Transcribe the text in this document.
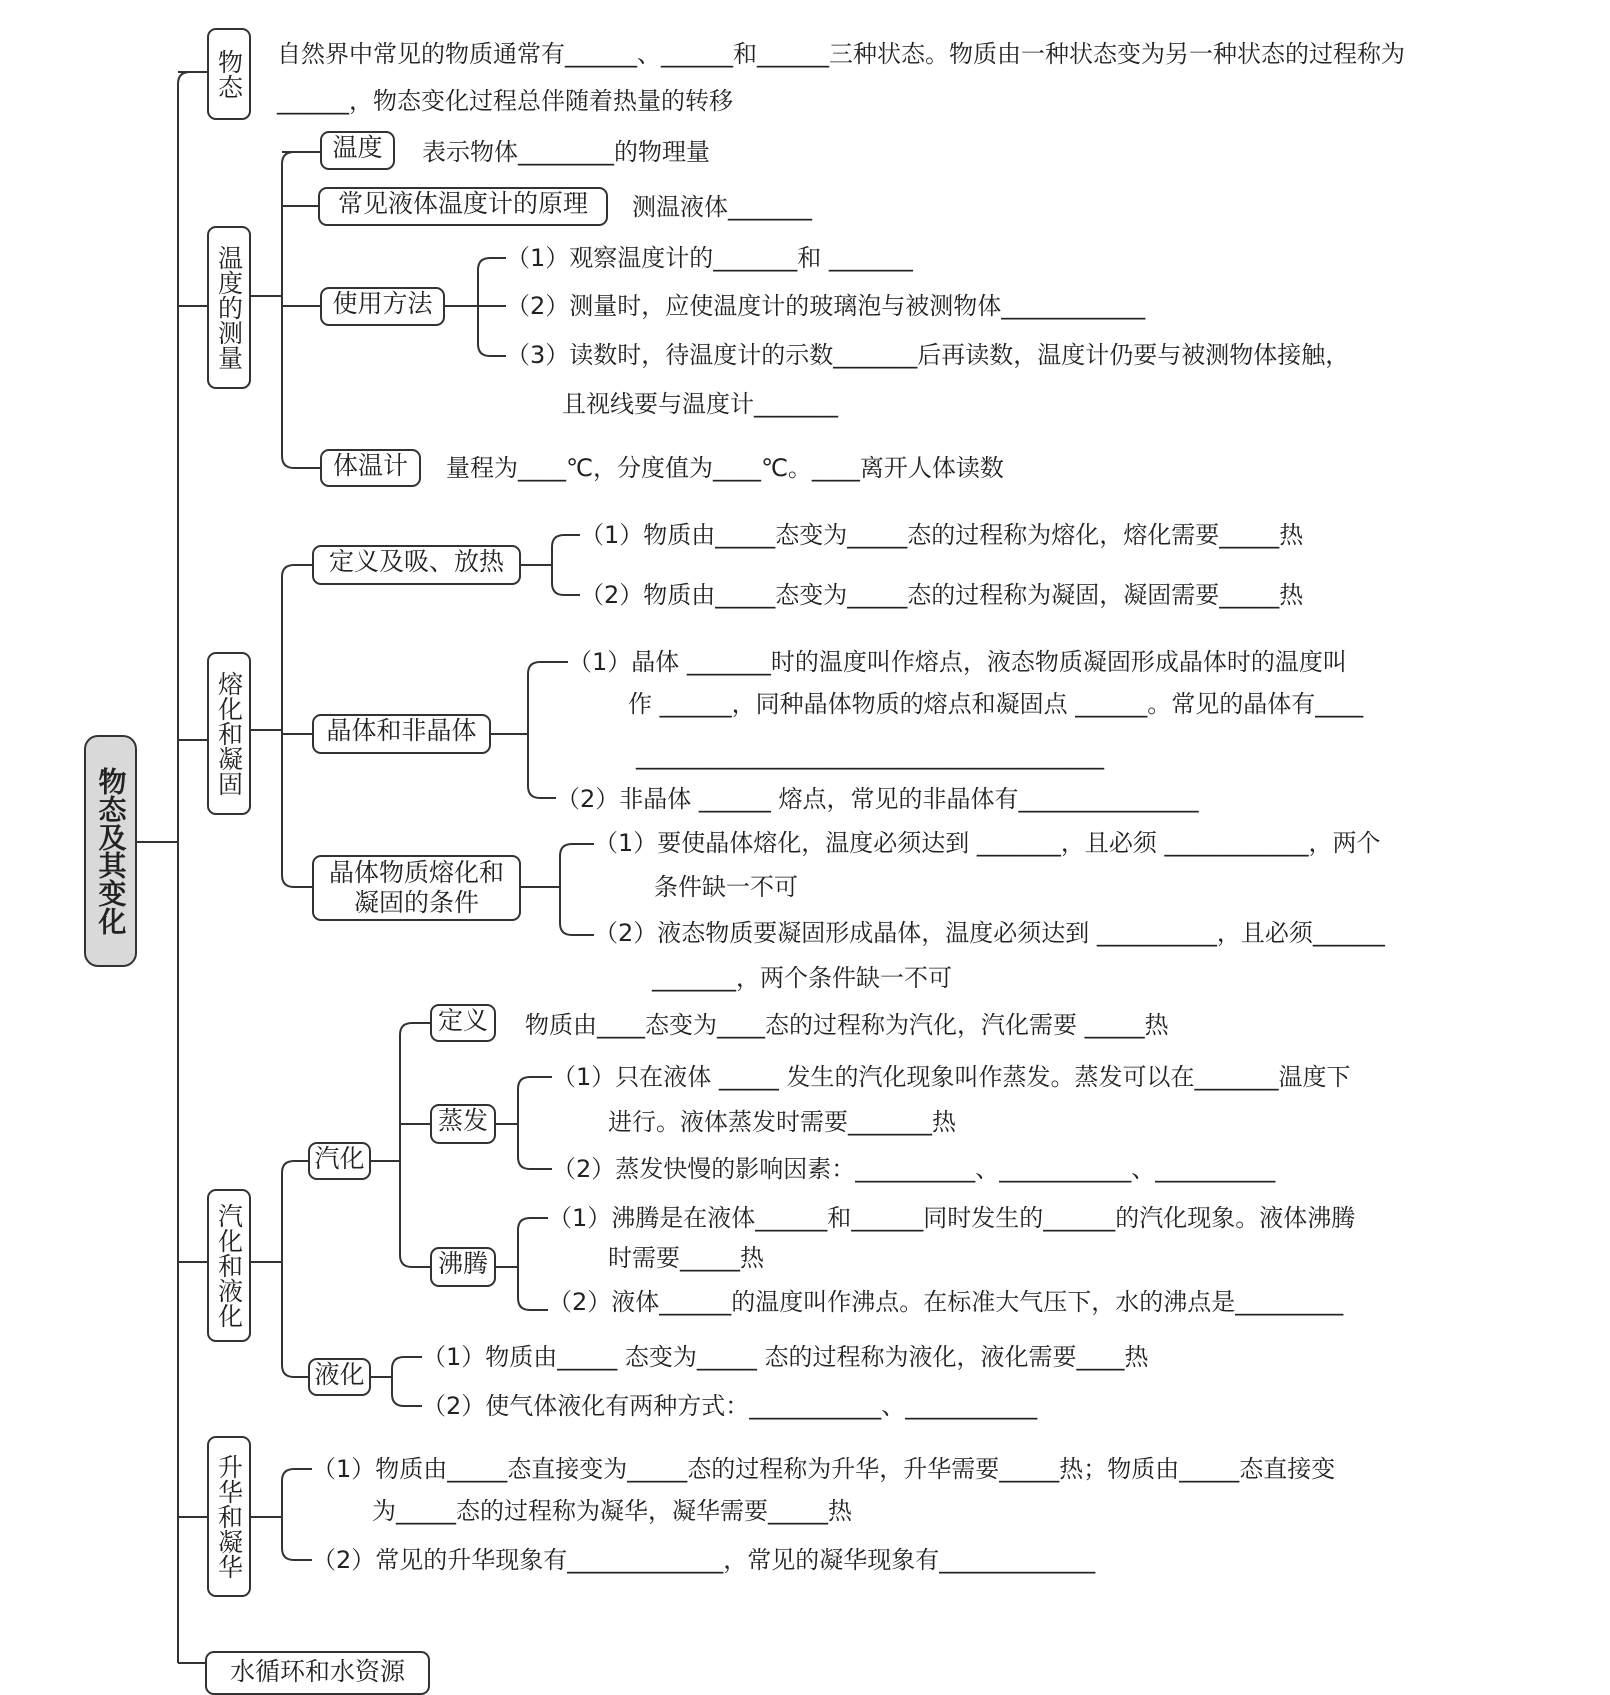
物态及其变化
物态 自然界中常见的物质通常有______、______和______三种状态。物质由一种状态变为另一种状态的过程称为______，物态变化过程总伴随着热量的转移
温度的测量
温度	表示物体________的物理量
常见液体温度计的原理	测温液体_______
使用方法
（1）观察温度计的_______和 _______
（2）测量时，应使温度计的玻璃泡与被测物体____________
（3）读数时，待温度计的示数_______后再读数，温度计仍要与被测物体接触，
且视线要与温度计_______
体温计	量程为____℃，分度值为____℃。____离开人体读数
熔化和凝固
定义及吸、放热
（1）物质由_____态变为_____态的过程称为熔化，熔化需要_____热
（2）物质由_____态变为_____态的过程称为凝固，凝固需要_____热
晶体和非晶体
（1）晶体 _______时的温度叫作熔点，液态物质凝固形成晶体时的温度叫
作 ______，同种晶体物质的熔点和凝固点 ______。常见的晶体有____
_______________________________________
（2）非晶体 ______ 熔点，常见的非晶体有_______________
晶体物质熔化和
凝固的条件
（1）要使晶体熔化，温度必须达到 _______，且必须 ____________，两个
条件缺一不可
（2）液态物质要凝固形成晶体，温度必须达到 __________，且必须______
_______，两个条件缺一不可
汽化和液化
汽化
定义	物质由____态变为____态的过程称为汽化，汽化需要 _____热
蒸发
（1）只在液体 _____ 发生的汽化现象叫作蒸发。蒸发可以在_______温度下
进行。液体蒸发时需要_______热
（2）蒸发快慢的影响因素：__________、___________、__________
沸腾
（1）沸腾是在液体______和______同时发生的______的汽化现象。液体沸腾
时需要_____热
（2）液体______的温度叫作沸点。在标准大气压下，水的沸点是_________
液化
（1）物质由_____ 态变为_____ 态的过程称为液化，液化需要____热
（2）使气体液化有两种方式：___________、___________
升华和凝华	（1）物质由_____态直接变为_____态的过程称为升华，升华需要_____热；物质由_____态直接变
为_____态的过程称为凝华，凝华需要_____热
（2）常见的升华现象有_____________，常见的凝华现象有_____________
水循环和水资源
